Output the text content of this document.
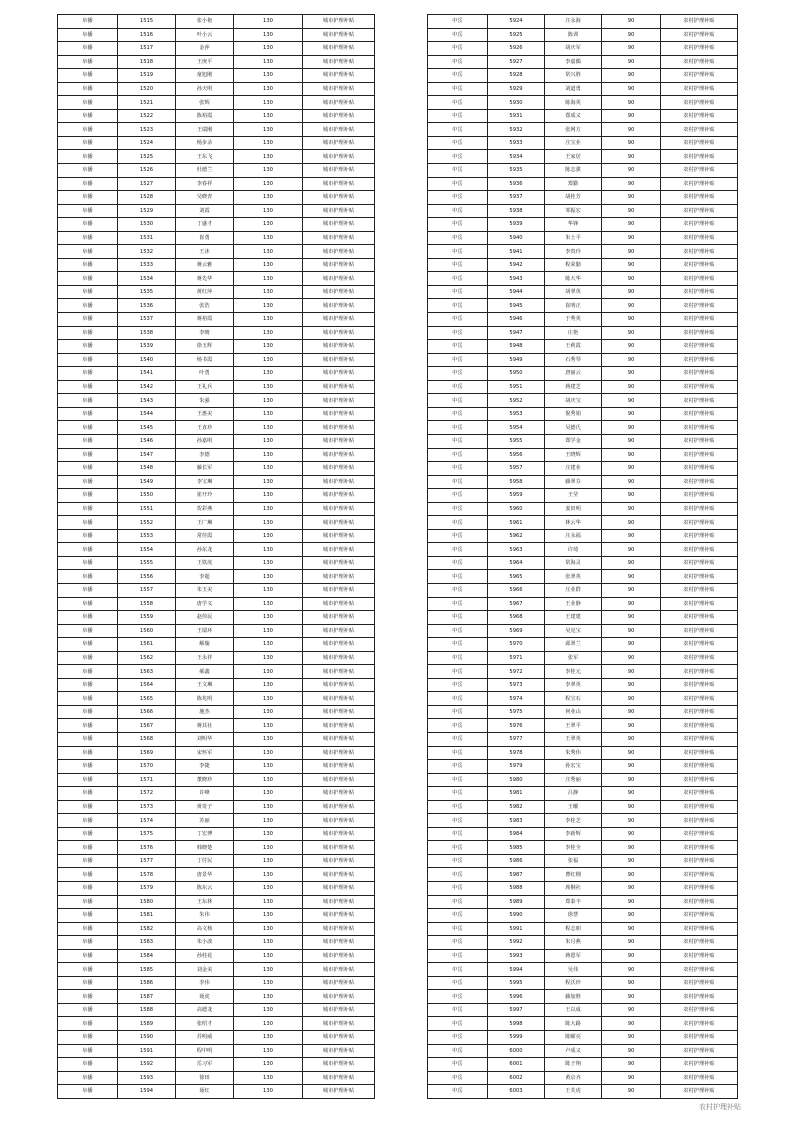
阜播	1515	张小艳	130	城市护理补贴
阜播	1516	叶小云	130	城市护理补贴
阜播	1517	金萍	130	城市护理补贴
阜播	1518	王庚平	130	城市护理补贴
阜播	1519	童旭刚	130	城市护理补贴
阜播	1520	孙天明	130	城市护理补贴
阜播	1521	张辉	130	城市护理补贴
阜播	1522	陈裕霞	130	城市护理补贴
阜播	1523	王瑞刚	130	城市护理补贴
阜播	1524	杨步录	130	城市护理补贴
阜播	1525	王东飞	130	城市护理补贴
阜播	1526	杜德兰	130	城市护理补贴
阜播	1527	李春祥	130	城市护理补贴
阜播	1528	吴晓青	130	城市护理补贴
阜播	1529	刘霞	130	城市护理补贴
阜播	1530	丁盛才	130	城市护理补贴
阜播	1531	崔勇	130	城市护理补贴
阜播	1532	王沐	130	城市护理补贴
阜播	1533	蒋云雅	130	城市护理补贴
阜播	1534	蒋先华	130	城市护理补贴
阜播	1535	黄红萍	130	城市护理补贴
阜播	1536	张浩	130	城市护理补贴
阜播	1537	蒋裕霞	130	城市护理补贴
阜播	1538	李晴	130	城市护理补贴
阜播	1539	徐玉辉	130	城市护理补贴
阜播	1540	杨书霞	130	城市护理补贴
阜播	1541	叶勇	130	城市护理补贴
阜播	1542	王礼兵	130	城市护理补贴
阜播	1543	朱强	130	城市护理补贴
阜播	1544	王惠美	130	城市护理补贴
阜播	1545	王直珍	130	城市护理补贴
阜播	1546	孙嘉明	130	城市护理补贴
阜播	1547	李德	130	城市护理补贴
阜播	1548	藤长军	130	城市护理补贴
阜播	1549	李宝琳	130	城市护理补贴
阜播	1550	崔开玲	130	城市护理补贴
阜播	1551	贺彩燕	130	城市护理补贴
阜播	1552	王广琳	130	城市护理补贴
阜播	1553	常佳霞	130	城市护理补贴
阜播	1554	孙东龙	130	城市护理补贴
阜播	1555	王铁虎	130	城市护理补贴
阜播	1556	李超	130	城市护理补贴
阜播	1557	朱玉美	130	城市护理补贴
阜播	1558	唐学义	130	城市护理补贴
阜播	1559	赵伟民	130	城市护理补贴
阜播	1560	王瑞环	130	城市护理补贴
阜播	1561	解璇	130	城市护理补贴
阜播	1562	王永祥	130	城市护理补贴
阜播	1563	郝鑫	130	城市护理补贴
阜播	1564	王文琳	130	城市护理补贴
阜播	1565	陈兆明	130	城市护理补贴
阜播	1566	施杰	130	城市护理补贴
阜播	1567	蒋其社	130	城市护理补贴
阜播	1568	刘明华	130	城市护理补贴
阜播	1569	宋怀军	130	城市护理补贴
阜播	1570	李捷	130	城市护理补贴
阜播	1571	董晓珍	130	城市护理补贴
阜播	1572	许峰	130	城市护理补贴
阜播	1573	黄奇子	130	城市护理补贴
阜播	1574	苏丽	130	城市护理补贴
阜播	1575	丁宏博	130	城市护理补贴
阜播	1576	韩晓楚	130	城市护理补贴
阜播	1577	丁付民	130	城市护理补贴
阜播	1578	唐景华	130	城市护理补贴
阜播	1579	陈东云	130	城市护理补贴
阜播	1580	王东林	130	城市护理补贴
阜播	1581	朱伟	130	城市护理补贴
阜播	1582	高文杨	130	城市护理补贴
阜播	1583	朱小波	130	城市护理补贴
阜播	1584	孙桂花	130	城市护理补贴
阜播	1585	刘金美	130	城市护理补贴
阜播	1586	李伟	130	城市护理补贴
阜播	1587	聂虎	130	城市护理补贴
阜播	1588	高德龙	130	城市护理补贴
阜播	1589	张绍才	130	城市护理补贴
阜播	1590	苏明威	130	城市护理补贴
阜播	1591	程中明	130	城市护理补贴
阜播	1592	岳习军	130	城市护理补贴
阜播	1593	徐田	130	城市护理补贴
阜播	1594	聂红	130	城市护理补贴
中岳	5924	庄永海	90	农村护理补贴
中岳	5925	陈训	90	农村护理补贴
中岳	5926	胡庆军	90	农村护理补贴
中岳	5927	李嘉偶	90	农村护理补贴
中岳	5928	常兴胜	90	农村护理补贴
中岳	5929	刘道勇	90	农村护理补贴
中岳	5930	陈海英	90	农村护理补贴
中岳	5931	郑成义	90	农村护理补贴
中岳	5932	张网方	90	农村护理补贴
中岳	5933	庄宝业	90	农村护理补贴
中岳	5934	王家居	90	农村护理补贴
中岳	5935	陈志骐	90	农村护理补贴
中岳	5936	郑勤	90	农村护理补贴
中岳	5937	胡桂芳	90	农村护理补贴
中岳	5938	邹振宏	90	农村护理补贴
中岳	5939	华锋	90	农村护理补贴
中岳	5940	朱士平	90	农村护理补贴
中岳	5941	李贵玲	90	农村护理补贴
中岳	5942	程荣勤	90	农村护理补贴
中岳	5943	陈大华	90	农村护理补贴
中岳	5944	胡翠英	90	农村护理补贴
中岳	5945	崔明正	90	农村护理补贴
中岳	5946	于秀英	90	农村护理补贴
中岳	5947	庄艳	90	农村护理补贴
中岳	5948	王莉霞	90	农村护理补贴
中岳	5949	石秀琴	90	农村护理补贴
中岳	5950	唐丽云	90	农村护理补贴
中岳	5951	蒋建芝	90	农村护理补贴
中岳	5952	胡庆宝	90	农村护理补贴
中岳	5953	倪秀娟	90	农村护理补贴
中岳	5954	吴德氏	90	农村护理补贴
中岳	5955	郑学金	90	农村护理补贴
中岳	5956	王晓辉	90	农村护理补贴
中岳	5957	庄建业	90	农村护理补贴
中岳	5958	藤翠芬	90	农村护理补贴
中岳	5959	王莹	90	农村护理补贴
中岳	5960	姜田明	90	农村护理补贴
中岳	5961	林云华	90	农村护理补贴
中岳	5962	庄永福	90	农村护理补贴
中岳	5963	许琦	90	农村护理补贴
中岳	5964	常海灵	90	农村护理补贴
中岳	5965	张翠英	90	农村护理补贴
中岳	5966	庄业群	90	农村护理补贴
中岳	5967	王业静	90	农村护理补贴
中岳	5968	王建建	90	农村护理补贴
中岳	5969	吴克宝	90	农村护理补贴
中岳	5970	邱翠兰	90	农村护理补贴
中岳	5971	张军	90	农村护理补贴
中岳	5972	李桂元	90	农村护理补贴
中岳	5973	李翠英	90	农村护理补贴
中岳	5974	程宝石	90	农村护理补贴
中岳	5975	何业山	90	农村护理补贴
中岳	5976	王翠平	90	农村护理补贴
中岳	5977	王翠英	90	农村护理补贴
中岳	5978	朱秀伟	90	农村护理补贴
中岳	5979	孙宏宝	90	农村护理补贴
中岳	5980	庄秀丽	90	农村护理补贴
中岳	5981	吕静	90	农村护理补贴
中岳	5982	王曜	90	农村护理补贴
中岳	5983	李桂芝	90	农村护理补贴
中岳	5984	李新辉	90	农村护理补贴
中岳	5985	李桂全	90	农村护理补贴
中岳	5986	张福	90	农村护理补贴
中岳	5987	曹红纲	90	农村护理补贴
中岳	5988	席桐社	90	农村护理补贴
中岳	5989	郑泰丰	90	农村护理补贴
中岳	5990	徐慧	90	农村护理补贴
中岳	5991	程志朋	90	农村护理补贴
中岳	5992	朱月燕	90	农村护理补贴
中岳	5993	蒋恩军	90	农村护理补贴
中岳	5994	吴伟	90	农村护理补贴
中岳	5995	程沃珍	90	农村护理补贴
中岳	5996	藤加胜	90	农村护理补贴
中岳	5997	王以成	90	农村护理补贴
中岳	5998	陈大路	90	农村护理补贴
中岳	5999	陈曜亮	90	农村护理补贴
中岳	6000	卢成义	90	农村护理补贴
中岳	6001	陈子翔	90	农村护理补贴
中岳	6002	黄京齐	90	农村护理补贴
中岳	6003	王芙虎	90	农村护理补贴
农村护理补贴
